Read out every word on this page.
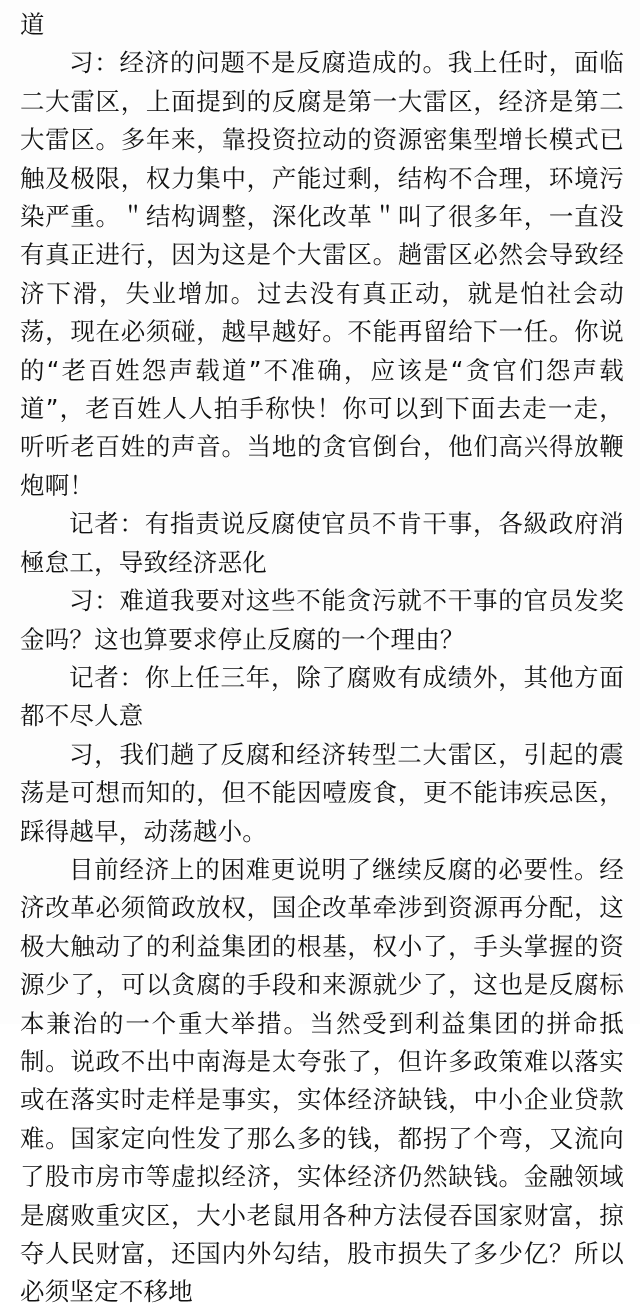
道

习：经济的问题不是反腐造成的。我上任时，面临二大雷区，上面提到的反腐是第一大雷区，经济是第二大雷区。多年来，靠投资拉动的资源密集型增长模式已触及极限，权力集中，产能过剩，结构不合理，环境污染严重。＂结构调整，深化改革＂叫了很多年，一直没有真正进行，因为这是个大雷区。趟雷区必然会导致经济下滑，失业增加。过去没有真正动，就是怕社会动荡，现在必须碰，越早越好。不能再留给下一任。你说的“老百姓怨声载道”不准确，应该是“贪官们怨声载道”，老百姓人人拍手称快！你可以到下面去走一走，听听老百姓的声音。当地的贪官倒台，他们高兴得放鞭炮啊！

记者：有指责说反腐使官员不肯干事，各級政府消極怠工，导致经济恶化

习：难道我要对这些不能贪污就不干事的官员发奖金吗？这也算要求停止反腐的一个理由？

记者：你上任三年，除了腐败有成绩外，其他方面都不尽人意

习，我们趟了反腐和经济转型二大雷区，引起的震荡是可想而知的，但不能因噎废食，更不能讳疾忌医，踩得越早，动荡越小。

目前经济上的困难更说明了继续反腐的必要性。经济改革必须简政放权，国企改革牵涉到资源再分配，这极大触动了的利益集团的根基，权小了，手头掌握的资源少了，可以贪腐的手段和来源就少了，这也是反腐标本兼治的一个重大举措。当然受到利益集团的拼命抵制。说政不出中南海是太夸张了，但许多政策难以落实或在落实时走样是事实，实体经济缺钱，中小企业贷款难。国家定向性发了那么多的钱，都拐了个弯，又流向了股市房市等虚拟经济，实体经济仍然缺钱。金融领域是腐败重灾区，大小老鼠用各种方法侵吞国家财富，掠夺人民财富，还国内外勾结，股市损失了多少亿？所以必须坚定不移地
